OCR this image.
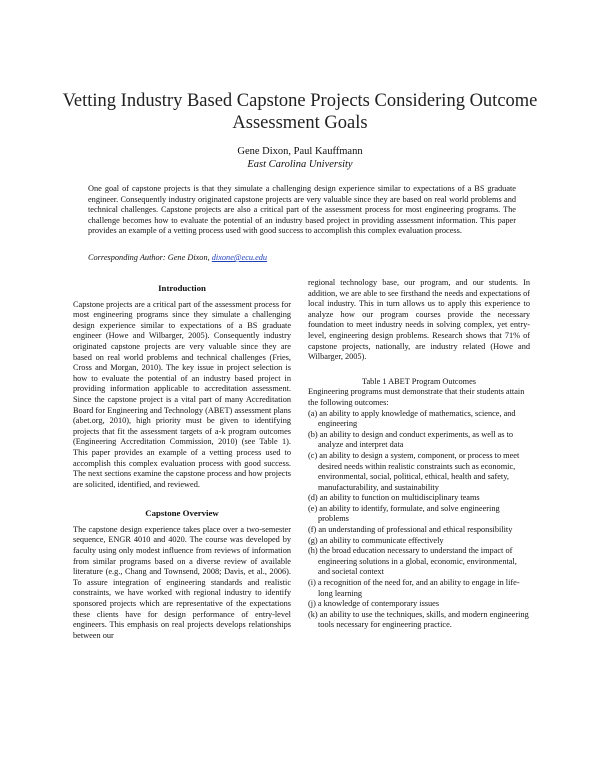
Vetting Industry Based Capstone Projects Considering Outcome Assessment Goals
Gene Dixon, Paul Kauffmann
East Carolina University

One goal of capstone projects is that they simulate a challenging design experience similar to expectations of a BS graduate engineer. Consequently industry originated capstone projects are very valuable since they are based on real world problems and technical challenges. Capstone projects are also a critical part of the assessment process for most engineering programs. The challenge becomes how to evaluate the potential of an industry based project in providing assessment information. This paper provides an example of a vetting process used with good success to accomplish this complex evaluation process.

Corresponding Author: Gene Dixon, dixone@ecu.edu

Introduction

Capstone projects are a critical part of the assessment process for most engineering programs since they simulate a challenging design experience similar to expectations of a BS graduate engineer (Howe and Wilbarger, 2005). Consequently industry originated capstone projects are very valuable since they are based on real world problems and technical challenges (Fries, Cross and Morgan, 2010). The key issue in project selection is how to evaluate the potential of an industry based project in providing information applicable to accreditation assessment. Since the capstone project is a vital part of many Accreditation Board for Engineering and Technology (ABET) assessment plans (abet.org, 2010), high priority must be given to identifying projects that fit the assessment targets of a-k program outcomes (Engineering Accreditation Commission, 2010) (see Table 1). This paper provides an example of a vetting process used to accomplish this complex evaluation process with good success. The next sections examine the capstone process and how projects are solicited, identified, and reviewed.

Capstone Overview

The capstone design experience takes place over a two-semester sequence, ENGR 4010 and 4020. The course was developed by faculty using only modest influence from reviews of information from similar programs based on a diverse review of available literature (e.g., Chang and Townsend, 2008; Davis, et al., 2006). To assure integration of engineering standards and realistic constraints, we have worked with regional industry to identify sponsored projects which are representative of the expectations these clients have for design performance of entry-level engineers. This emphasis on real projects develops relationships between our

regional technology base, our program, and our students. In addition, we are able to see firsthand the needs and expectations of local industry. This in turn allows us to apply this experience to analyze how our program courses provide the necessary foundation to meet industry needs in solving complex, yet entry-level, engineering design problems. Research shows that 71% of capstone projects, nationally, are industry related (Howe and Wilbarger, 2005).

Table 1 ABET Program Outcomes

Engineering programs must demonstrate that their students attain the following outcomes:

(a) an ability to apply knowledge of mathematics, science, and engineering
(b) an ability to design and conduct experiments, as well as to analyze and interpret data
(c) an ability to design a system, component, or process to meet desired needs within realistic constraints such as economic, environmental, social, political, ethical, health and safety, manufacturability, and sustainability
(d) an ability to function on multidisciplinary teams
(e) an ability to identify, formulate, and solve engineering problems
(f) an understanding of professional and ethical responsibility
(g) an ability to communicate effectively
(h) the broad education necessary to understand the impact of engineering solutions in a global, economic, environmental, and societal context
(i) a recognition of the need for, and an ability to engage in life-long learning
(j) a knowledge of contemporary issues
(k) an ability to use the techniques, skills, and modern engineering tools necessary for engineering practice.
